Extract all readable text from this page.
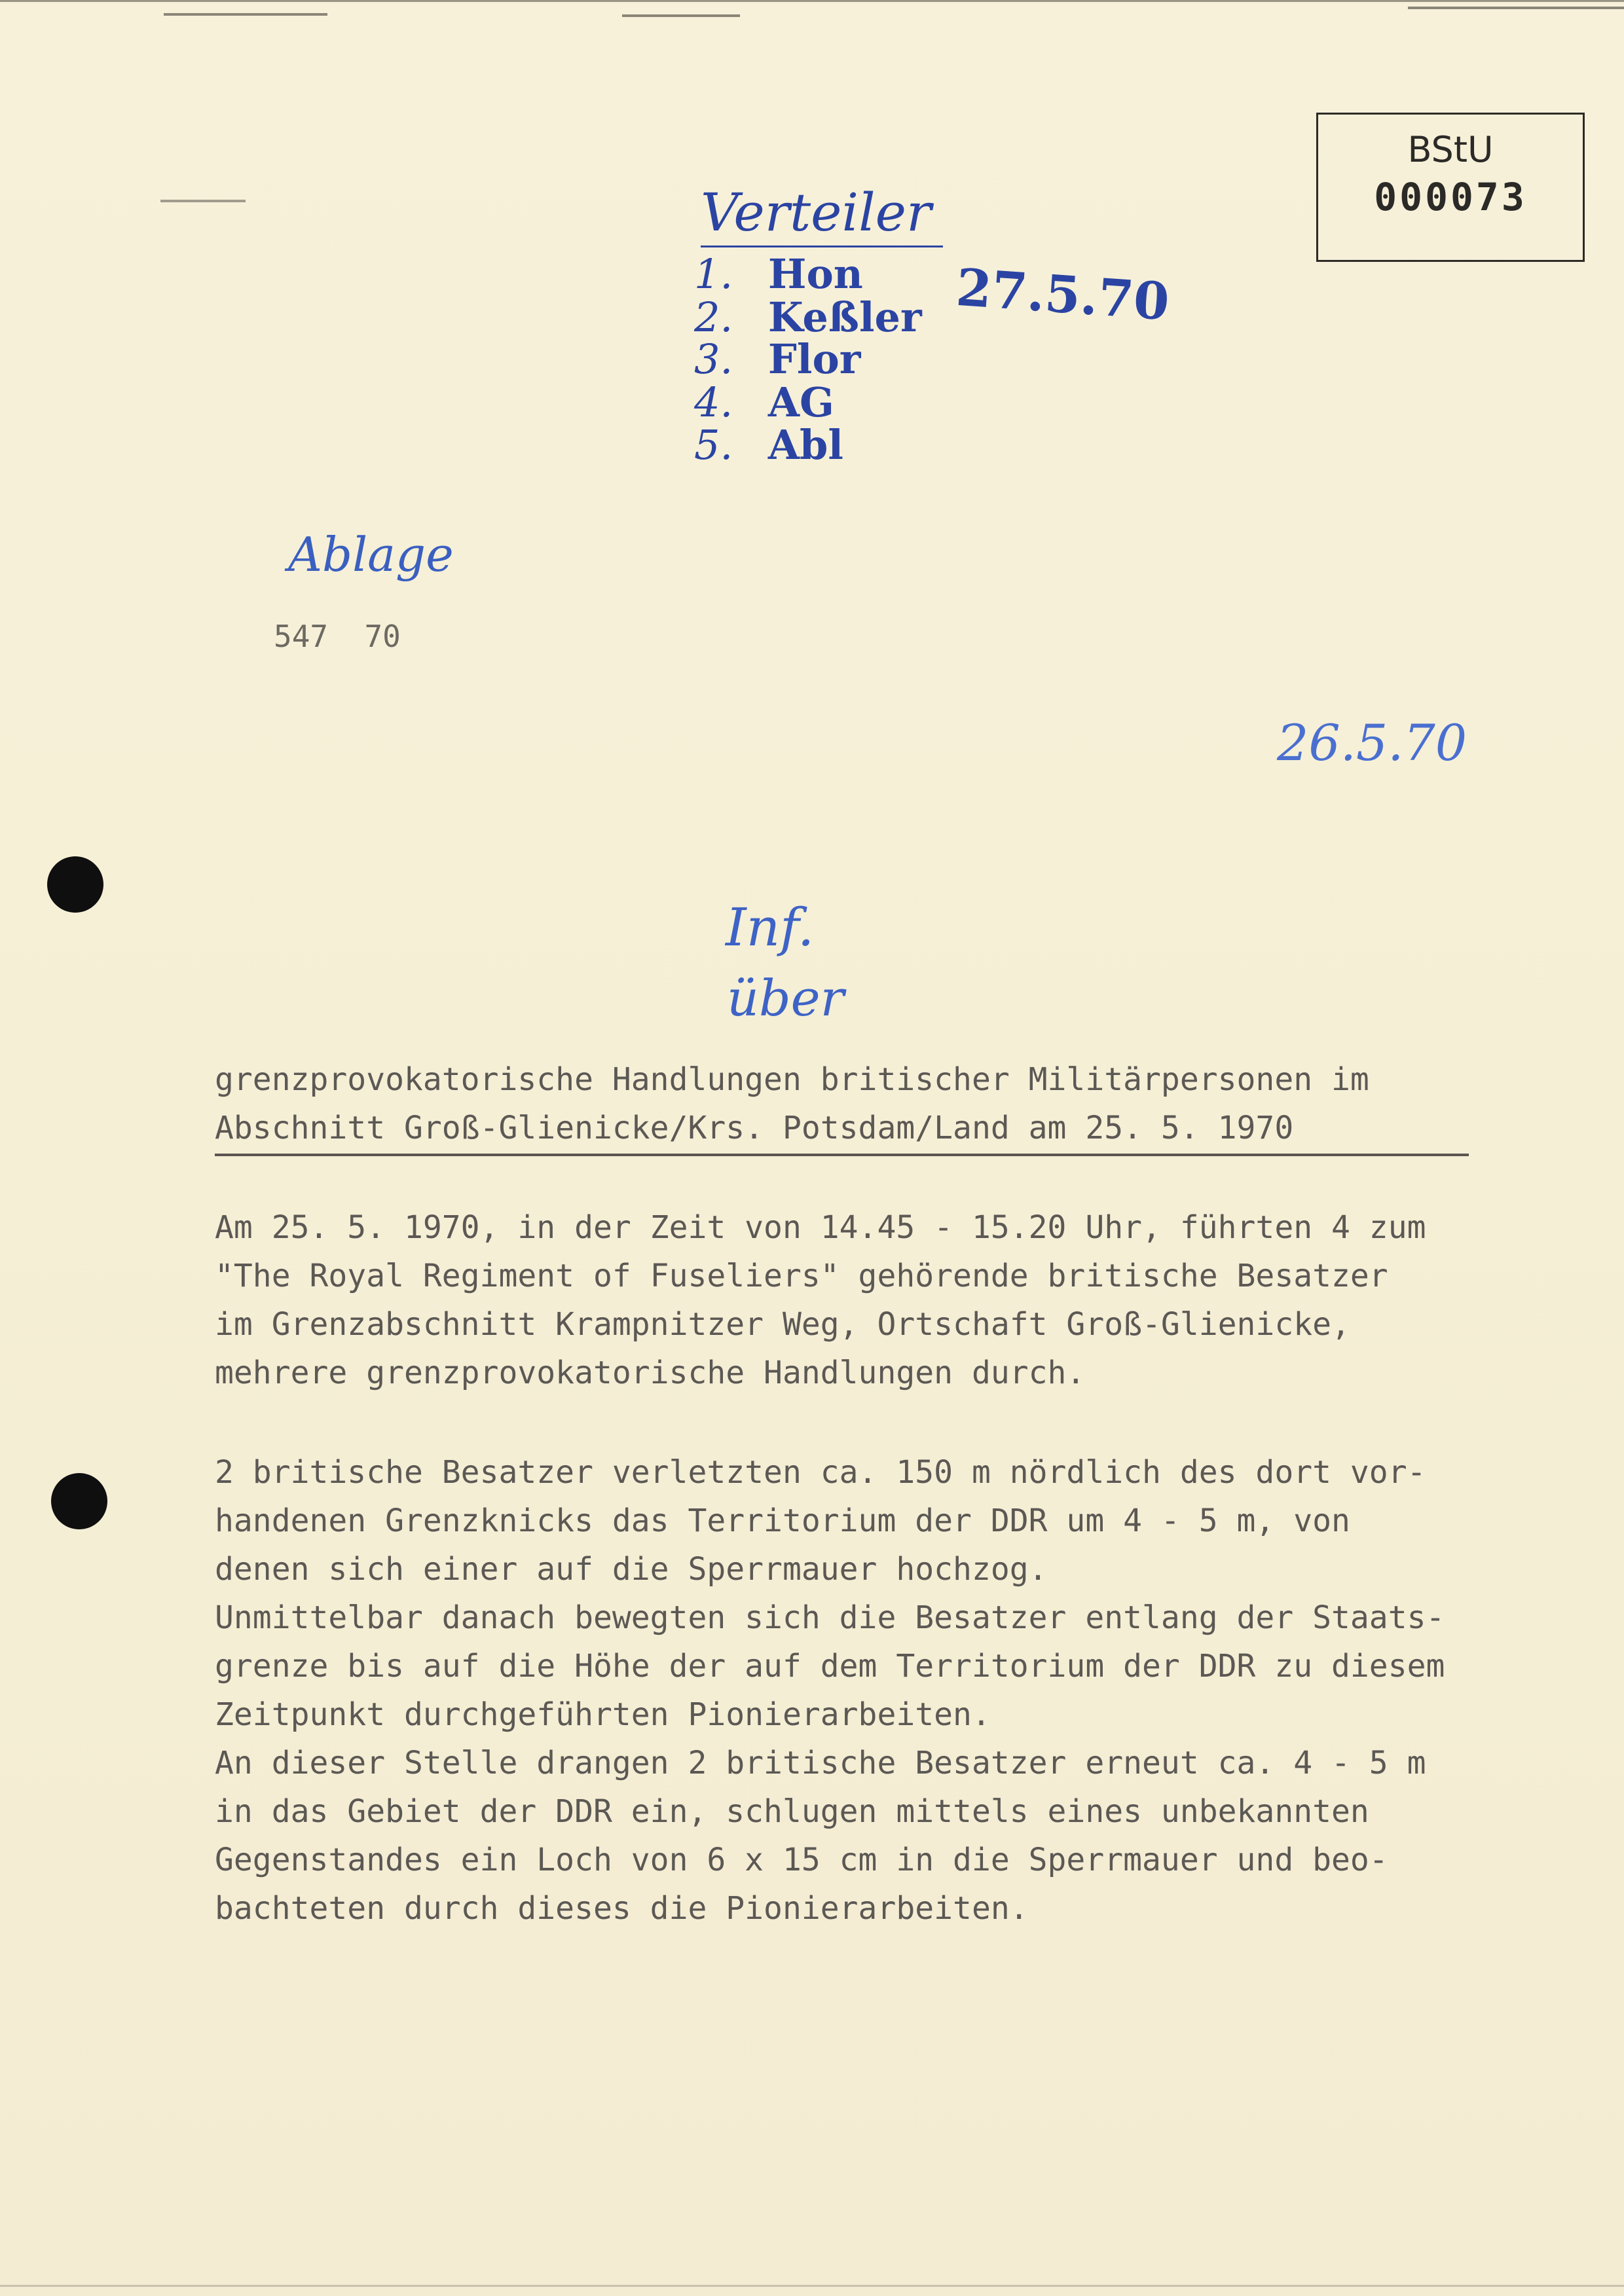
BStU
000073
Verteiler
1. Hon
2. Keßler
3. Flor
4. AG
5. Abl
27.5.70
Ablage
547  70
26.5.70
Inf.
über

grenzprovokatorische Handlungen britischer Militärpersonen im

Abschnitt Groß-Glienicke/Krs. Potsdam/Land am 25. 5. 1970

Am 25. 5. 1970, in der Zeit von 14.45 - 15.20 Uhr, führten 4 zum

"The Royal Regiment of Fuseliers" gehörende britische Besatzer

im Grenzabschnitt Krampnitzer Weg, Ortschaft Groß-Glienicke,

mehrere grenzprovokatorische Handlungen durch.

2 britische Besatzer verletzten ca. 150 m nördlich des dort vor-

handenen Grenzknicks das Territorium der DDR um 4 - 5 m, von

denen sich einer auf die Sperrmauer hochzog.

Unmittelbar danach bewegten sich die Besatzer entlang der Staats-

grenze bis auf die Höhe der auf dem Territorium der DDR zu diesem

Zeitpunkt durchgeführten Pionierarbeiten.

An dieser Stelle drangen 2 britische Besatzer erneut ca. 4 - 5 m

in das Gebiet der DDR ein, schlugen mittels eines unbekannten

Gegenstandes ein Loch von 6 x 15 cm in die Sperrmauer und beo-

bachteten durch dieses die Pionierarbeiten.
